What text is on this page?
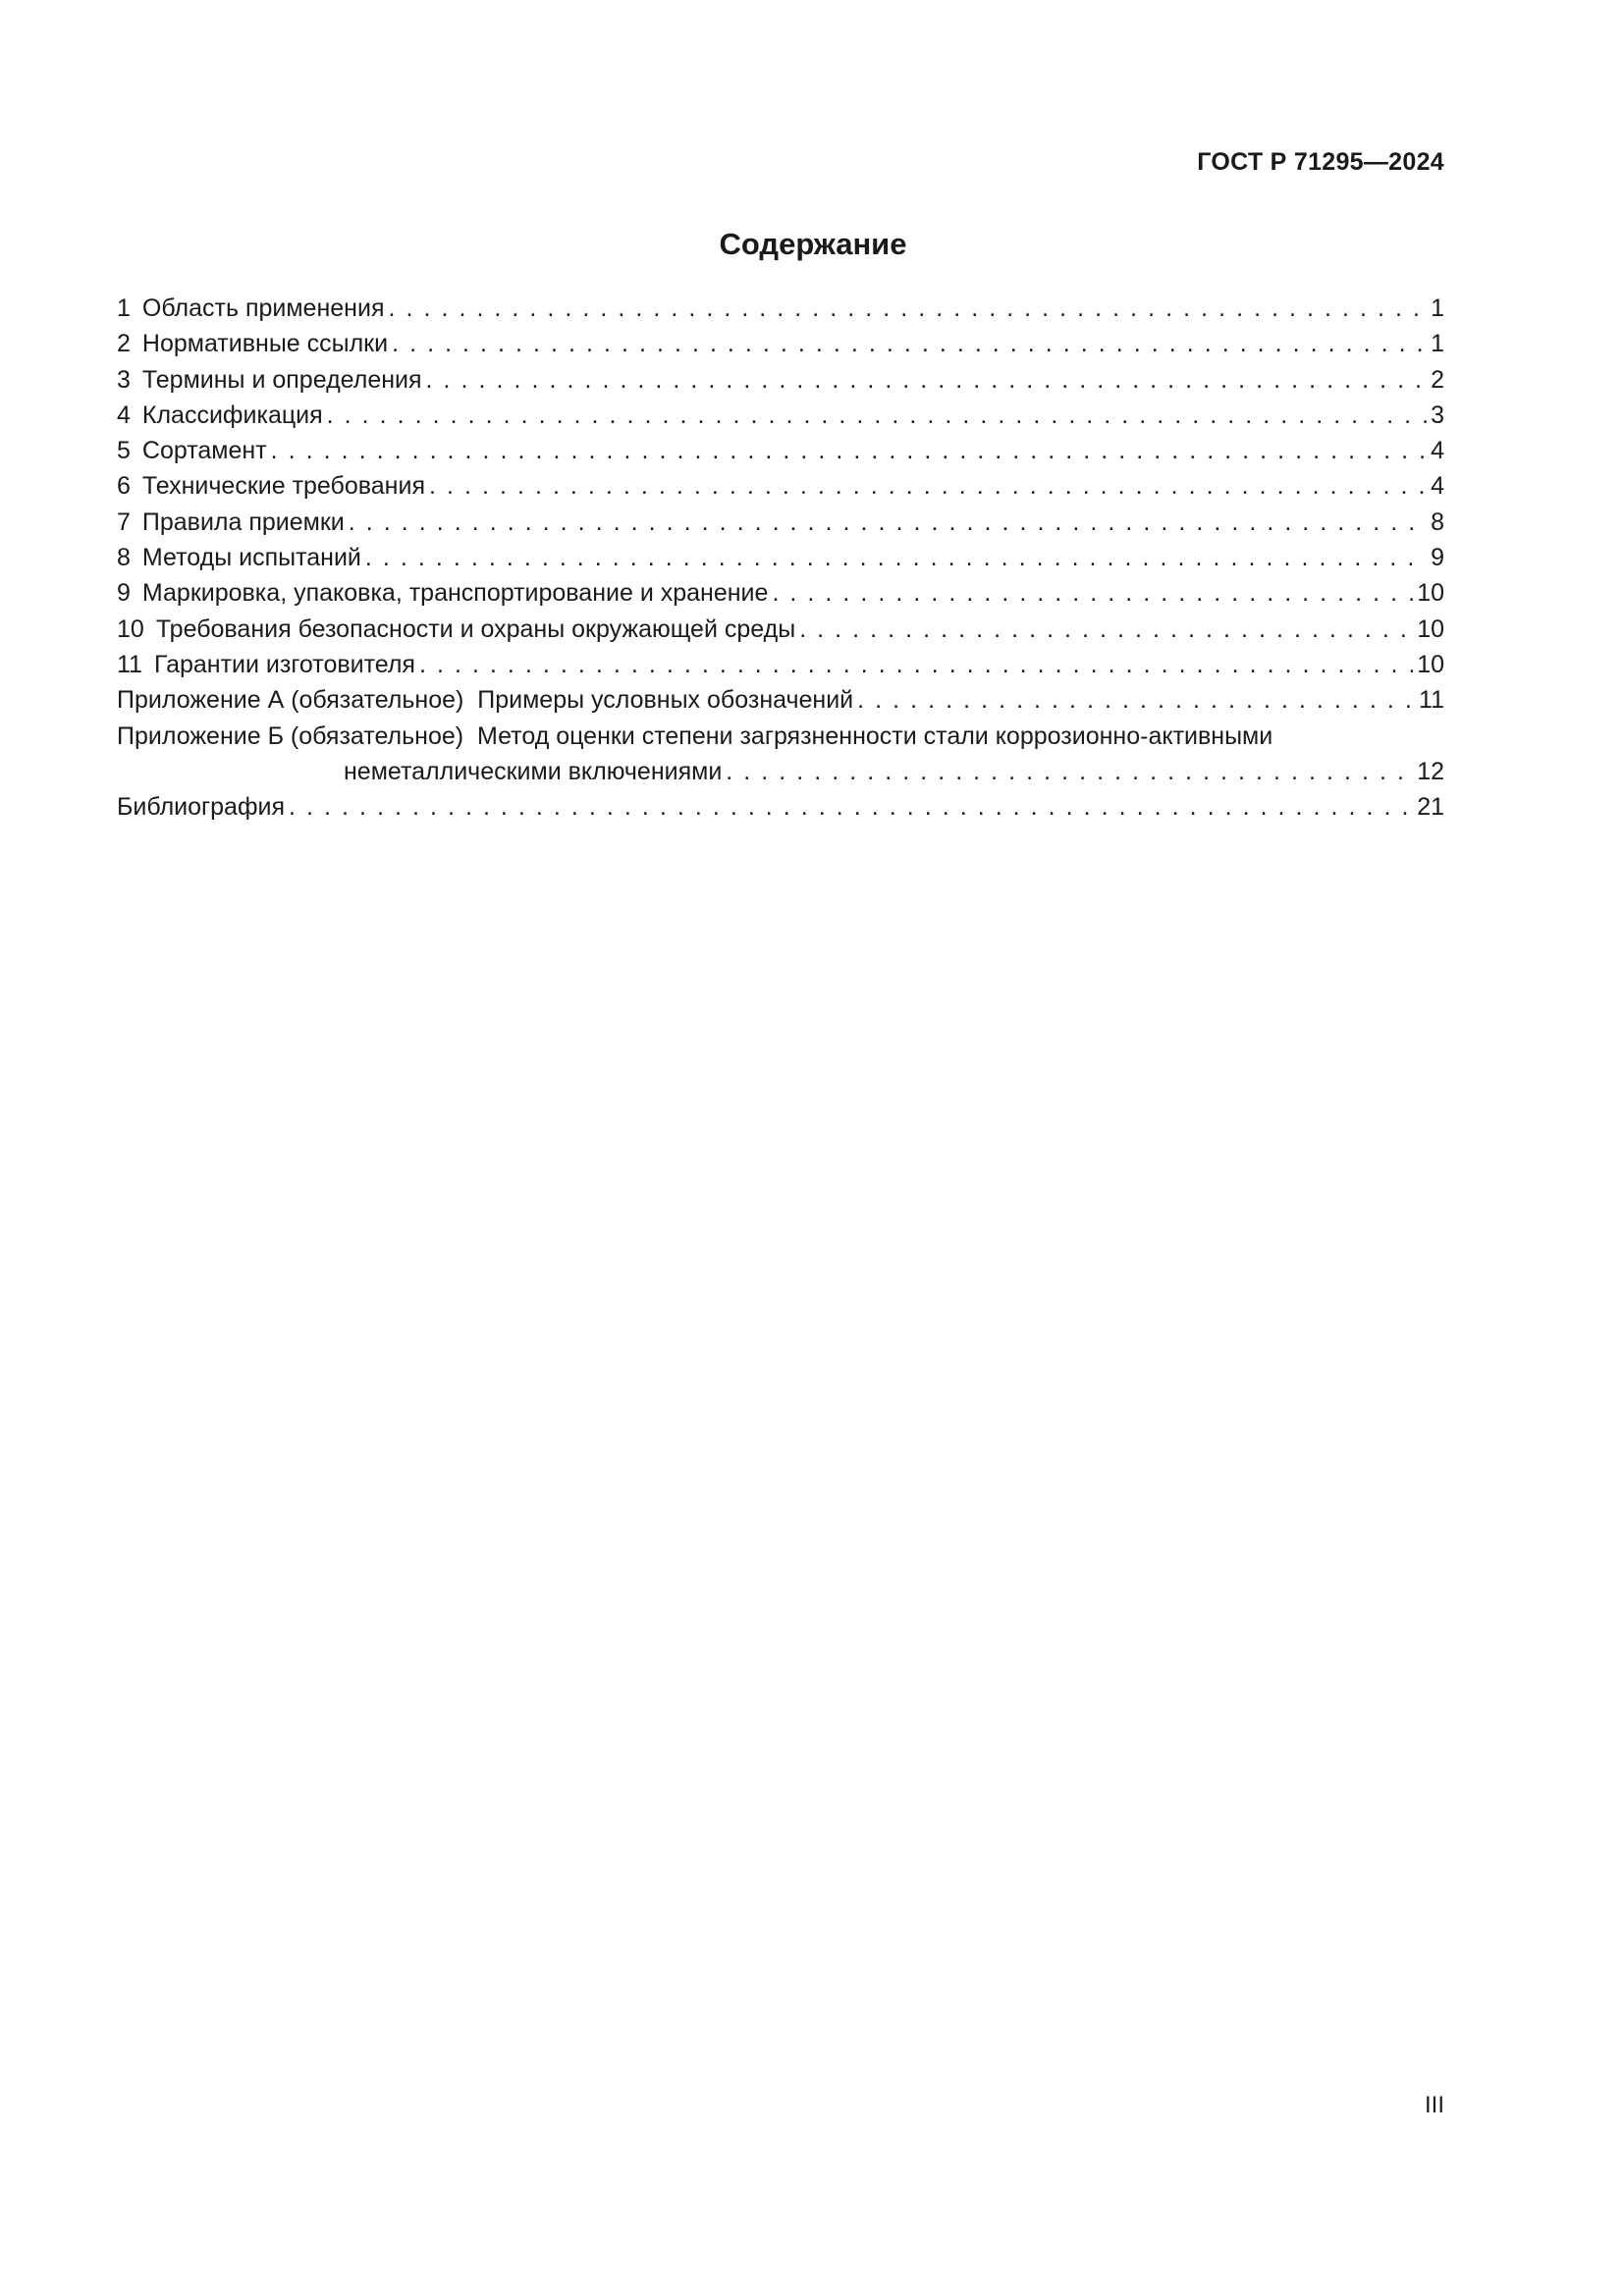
ГОСТ Р 71295—2024
Содержание
1 Область применения . . .	1
2 Нормативные ссылки . . .	1
3 Термины и определения . . .	2
4 Классификация . . .	3
5 Сортамент . . .	4
6 Технические требования . . .	4
7 Правила приемки . . .	8
8 Методы испытаний . . .	9
9 Маркировка, упаковка, транспортирование и хранение . . .	10
10 Требования безопасности и охраны окружающей среды . . .	10
11 Гарантии изготовителя . . .	10
Приложение А (обязательное) Примеры условных обозначений . . .	11
Приложение Б (обязательное) Метод оценки степени загрязненности стали коррозионно-активными
неметаллическими включениями . . .	12
Библиография . . .	21
III
